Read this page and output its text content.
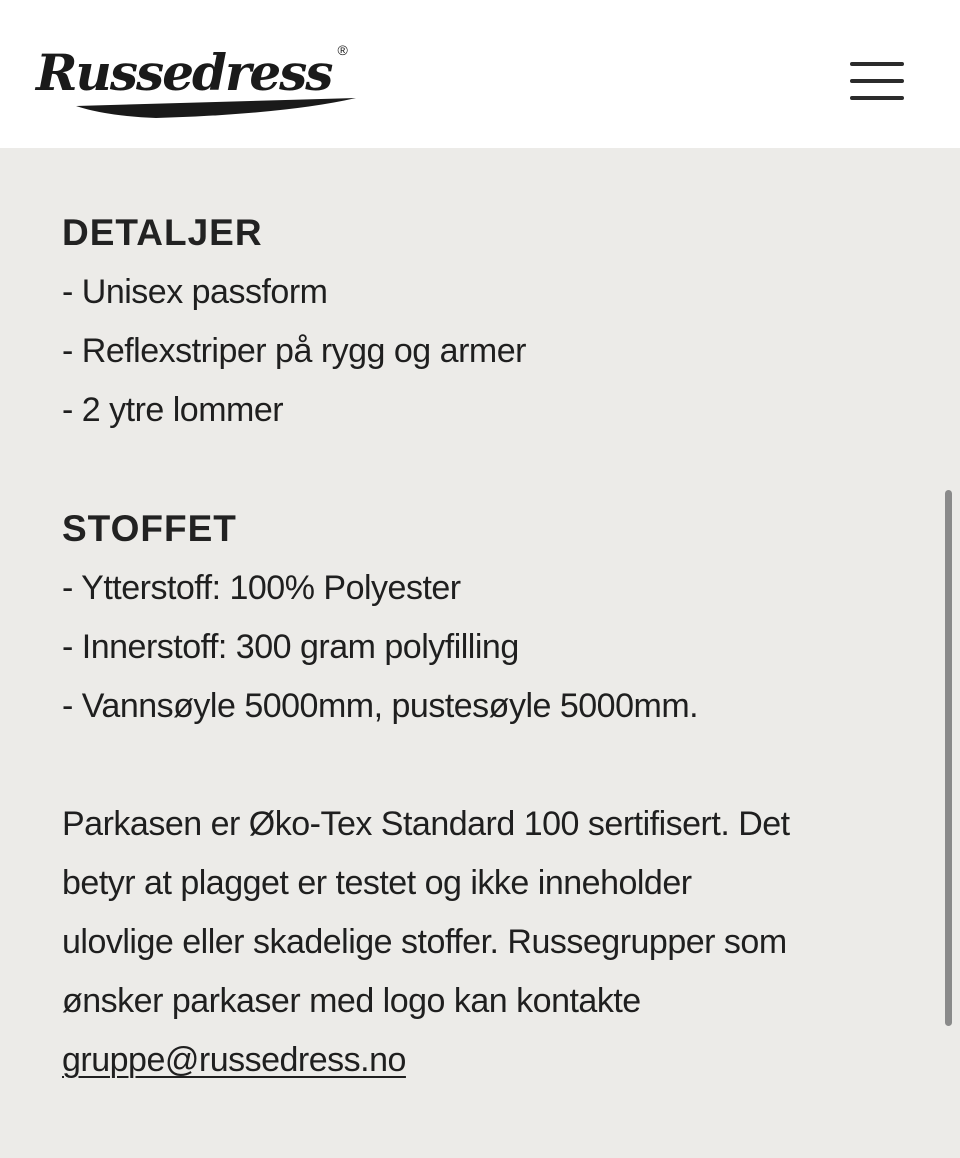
Russedress ®
DETALJER

- Unisex passform

- Reflexstriper på rygg og armer

- 2 ytre lommer

STOFFET

- Ytterstoff: 100% Polyester

- Innerstoff: 300 gram polyfilling

- Vannsøyle 5000mm, pustesøyle 5000mm.

Parkasen er Øko-Tex Standard 100 sertifisert. Det

betyr at plagget er testet og ikke inneholder

ulovlige eller skadelige stoffer. Russegrupper som

ønsker parkaser med logo kan kontakte

gruppe@russedress.no
